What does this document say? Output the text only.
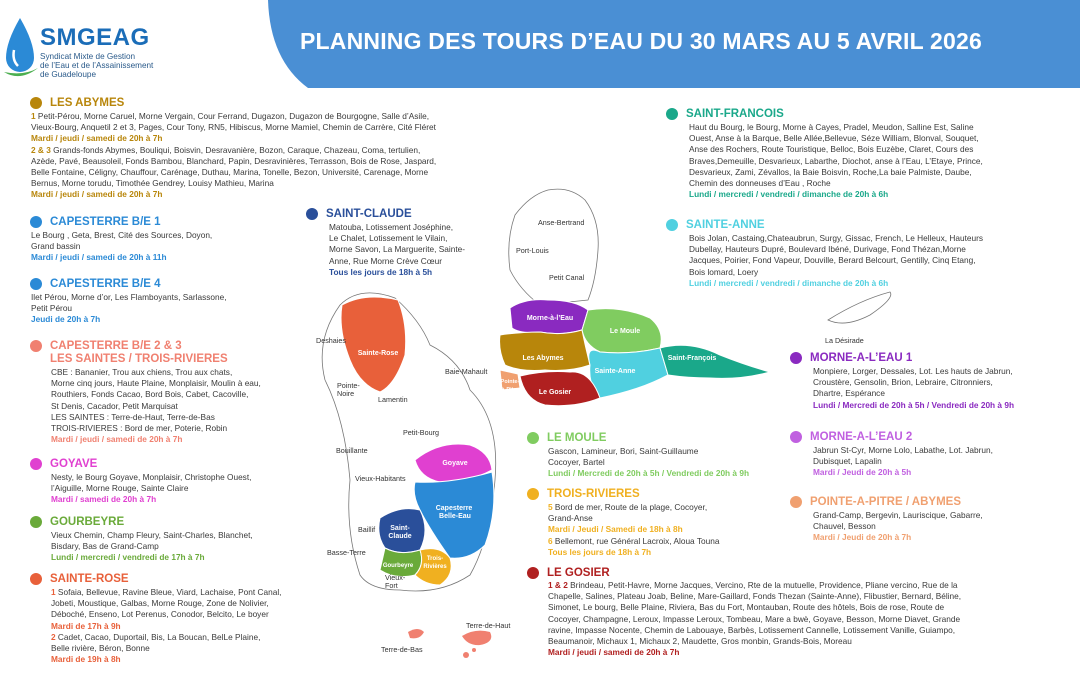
SMGEAG
Syndicat Mixte de Gestion
de l’Eau et de l’Assainissement
de Guadeloupe
PLANNING DES TOURS D’EAU DU 30 MARS AU 5 AVRIL 2026
LES ABYMES
1 Petit-Pérou, Morne Caruel, Morne Vergain, Cour Ferrand, Dugazon, Dugazon de Bourgogne, Salle d’Asile,
Vieux-Bourg, Anquetil 2 et 3, Pages, Cour Tony, RN5, Hibiscus, Morne Mamiel, Chemin de Carrère, Cité Fléret
Mardi / jeudi / samedi de 20h à 7h
2 & 3 Grands-fonds Abymes, Bouliqui, Boisvin, Desravanière, Bozon, Caraque, Chazeau, Coma, tertulien,
Azède, Pavé, Beausoleil, Fonds Bambou, Blanchard, Papin, Desravinières, Terrasson, Bois de Rose, Jaspard,
Belle Fontaine, Céligny, Chauffour, Carénage, Duthau, Marina, Tonelle, Bezon, Université, Carenage, Morne
Bernus, Morne torudu, Timothée Gendrey, Louisy Mathieu, Marina
Mardi / jeudi / samedi de 20h à 7h
CAPESTERRE B/E 1
Le Bourg , Geta, Brest, Cité des Sources, Doyon,
Grand bassin
Mardi / jeudi / samedi de 20h à 11h
CAPESTERRE B/E 4
Ilet Pérou, Morne d’or, Les Flamboyants, Sarlassone,
Petit Pérou
Jeudi de 20h à 7h
CAPESTERRE B/E 2 & 3
LES SAINTES / TROIS-RIVIERES
CBE : Bananier, Trou aux chiens, Trou aux chats,
Morne cinq jours, Haute Plaine, Monplaisir, Moulin à eau,
Routhiers, Fonds Cacao, Bord Bois, Cabet, Cacoville,
St Denis, Cacador, Petit Marquisat
LES SAINTES : Terre-de-Haut, Terre-de-Bas
TROIS-RIVIERES : Bord de mer, Poterie, Robin
Mardi / jeudi / samedi de 20h à 7h
GOYAVE
Nesty, le Bourg Goyave, Monplaisir, Christophe Ouest,
l’Aiguille, Morne Rouge, Sainte Claire
Mardi / samedi de 20h à 7h
GOURBEYRE
Vieux Chemin, Champ Fleury, Saint-Charles, Blanchet,
Bisdary, Bas de Grand-Camp
Lundi / mercredi / vendredi de 17h à 7h
SAINTE-ROSE
1 Sofaia, Bellevue, Ravine Bleue, Viard, Lachaise, Pont Canal,
Jobeti, Moustique, Galbas, Morne Rouge, Zone de Nolivier,
Déboché, Enseno, Lot Perenus, Conodor, Belcito, Le boyer
Mardi de 17h à 9h
2 Cadet, Cacao, Duportail, Bis, La Boucan, BelLe Plaine,
Belle rivière, Béron, Bonne
Mardi de 19h à 8h
SAINT-CLAUDE
Matouba, Lotissement Joséphine,
Le Chalet, Lotissement le Vilain,
Morne Savon, La Marguerite, Sainte-
Anne, Rue Morne Crève Cœur
Tous les jours de 18h à 5h
SAINT-FRANCOIS
Haut du Bourg, le Bourg, Morne à Cayes, Pradel, Meudon, Salline Est, Saline
Ouest, Anse à la Barque, Belle Allée,Bellevue, Séze William, Blonval, Souquet,
Anse des Rochers, Route Touristique, Belloc, Bois Euzèbe, Claret, Cours des
Braves,Demeuille, Desvarieux, Labarthe, Diochot, anse à l’Eau, L’Etaye, Prince,
Desvarieux, Zami, Zévallos, la Baie Boisvin, Roche,La baie Palmiste, Daube,
Chemin des donneuses d’Eau , Roche
Lundi / mercredi / vendredi / dimanche de 20h à 6h
SAINTE-ANNE
Bois Jolan, Castaing,Chateaubrun, Surgy, Gissac, French, Le Helleux, Hauteurs
Dubellay, Hauteurs Dupré, Boulevard Ibéné, Durivage, Fond Thézan,Morne
Jacques, Poirier, Fond Vapeur, Douville, Berard Belcourt, Gentilly, Cinq Etang,
Bois lomard, Loery
Lundi / mercredi / vendredi / dimanche de 20h à 6h
MORNE-A-L’EAU 1
Monpiere, Lorger, Dessales, Lot. Les hauts de Jabrun,
Croustère, Gensolin, Brion, Lebraire, Citronniers,
Dhartre, Espérance
Lundi / Mercredi de 20h à 5h / Vendredi de 20h à 9h
MORNE-A-L’EAU 2
Jabrun St-Cyr, Morne Lolo, Labathe, Lot. Jabrun,
Dubisquet, Lapalin
Mardi / Jeudi de 20h à 5h
POINTE-A-PITRE / ABYMES
Grand-Camp, Bergevin, Lauriscique, Gabarre,
Chauvel, Besson
Mardi / Jeudi de 20h à 7h
LE MOULE
Gascon, Lamineur, Bori, Saint-Guillaume
Cocoyer, Bartel
Lundi / Mercredi de 20h à 5h / Vendredi de 20h à 9h
TROIS-RIVIERES
5 Bord de mer, Route de la plage, Cocoyer,
Grand-Anse
Mardi / Jeudi / Samedi de 18h à 8h
6 Bellemont, rue Général Lacroix, Aloua Touna
Tous les jours de 18h à 7h
LE GOSIER
1 & 2 Brindeau, Petit-Havre, Morne Jacques, Vercino, Rte de la mutuelle, Providence, Pliane vercino, Rue de la
Chapelle, Salines, Plateau Joab, Beline, Mare-Gaillard, Fonds Thezan (Sainte-Anne), Flibustier, Bernard, Béline,
Simonet, Le bourg, Belle Plaine, Riviera, Bas du Fort, Montauban, Route des hôtels, Bois de rose, Route de
Cocoyer, Champagne, Leroux, Impasse Leroux, Tombeau, Mare a bwè, Goyave, Besson, Morne Diavet, Grande
ravine, Impasse Nocente, Chemin de Labouaye, Barbès, Lotissement Cannelle, Lotissement Vanille, Guiampo,
Beaumanoir, Michaux 1, Michaux 2, Maudette, Gros monbin, Grands-Bois, Moreau
Mardi / jeudi / samedi de 20h à 7h
Sainte-Rose
Goyave
Capesterre Belle-Eau
Saint-Claude
Gourbeyre
Trois-Rivières
Morne-à-l’Eau
Le Moule
Les Abymes
Sainte-Anne
Saint-François
Le Gosier
Pointe-à-Pitre
Anse-Bertrand
Port-Louis
Petit Canal
La Désirade
Deshaies
Pointe-Noire
Baie-Mahault
Lamentin
Petit-Bourg
Bouillante
Vieux-Habitants
Baillif
Basse-Terre
Vieux-Fort
Terre-de-Haut
Terre-de-Bas
